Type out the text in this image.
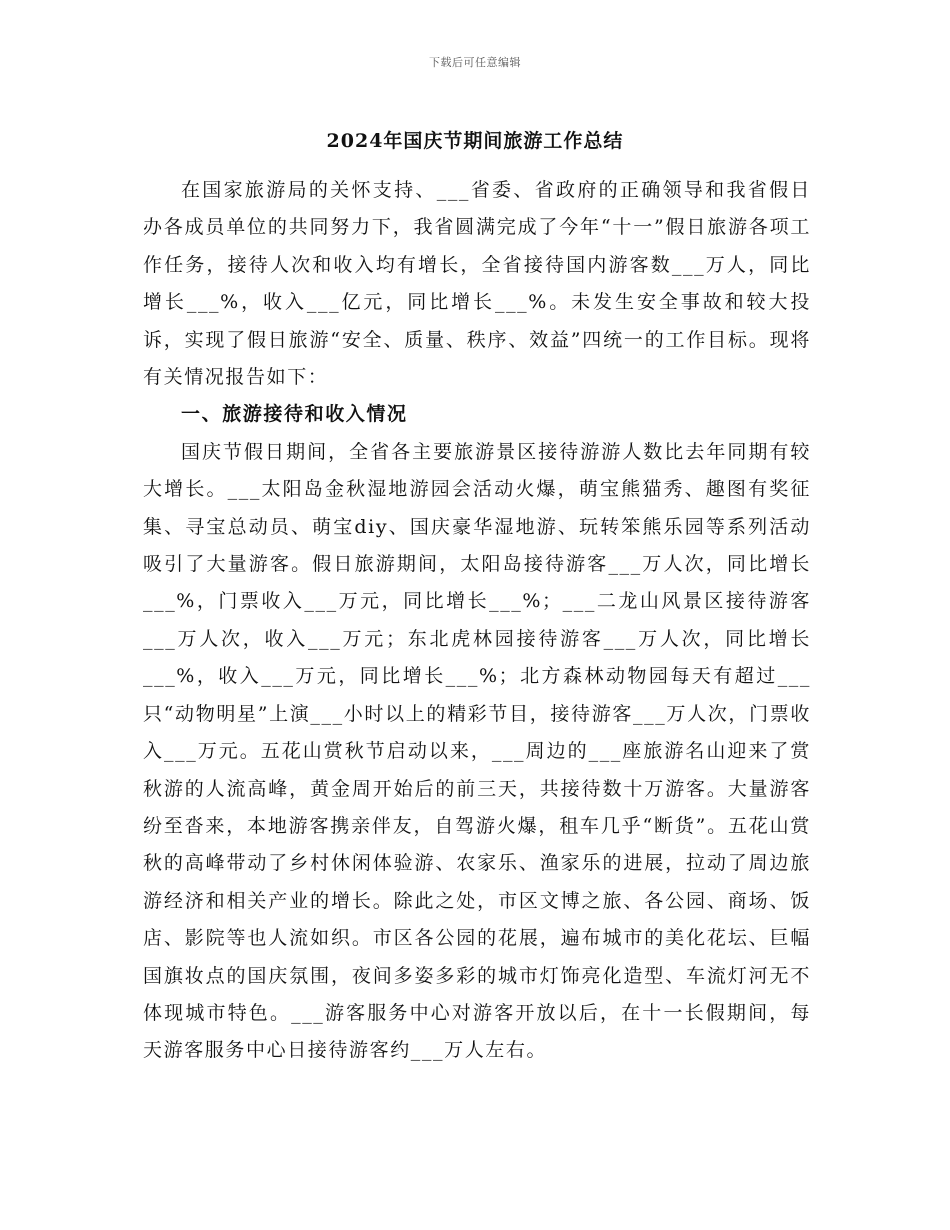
下载后可任意编辑
2024年国庆节期间旅游工作总结

在国家旅游局的关怀支持、___省委、省政府的正确领导和我省假日办各成员单位的共同努力下，我省圆满完成了今年“十一”假日旅游各项工作任务，接待人次和收入均有增长，全省接待国内游客数___万人，同比增长___%，收入___亿元，同比增长___%。未发生安全事故和较大投诉，实现了假日旅游“安全、质量、秩序、效益”四统一的工作目标。现将有关情况报告如下：

一、旅游接待和收入情况

国庆节假日期间，全省各主要旅游景区接待游游人数比去年同期有较大增长。___太阳岛金秋湿地游园会活动火爆，萌宝熊猫秀、趣图有奖征集、寻宝总动员、萌宝diy、国庆豪华湿地游、玩转笨熊乐园等系列活动吸引了大量游客。假日旅游期间，太阳岛接待游客___万人次，同比增长___%，门票收入___万元，同比增长___%；___二龙山风景区接待游客___万人次，收入___万元；东北虎林园接待游客___万人次，同比增长___%，收入___万元，同比增长___%；北方森林动物园每天有超过___只“动物明星”上演___小时以上的精彩节目，接待游客___万人次，门票收入___万元。五花山赏秋节启动以来，___周边的___座旅游名山迎来了赏秋游的人流高峰，黄金周开始后的前三天，共接待数十万游客。大量游客纷至沓来，本地游客携亲伴友，自驾游火爆，租车几乎“断货”。五花山赏秋的高峰带动了乡村休闲体验游、农家乐、渔家乐的进展，拉动了周边旅游经济和相关产业的增长。除此之处，市区文博之旅、各公园、商场、饭店、影院等也人流如织。市区各公园的花展，遍布城市的美化花坛、巨幅国旗妆点的国庆氛围，夜间多姿多彩的城市灯饰亮化造型、车流灯河无不体现城市特色。___游客服务中心对游客开放以后，在十一长假期间，每天游客服务中心日接待游客约___万人左右。
